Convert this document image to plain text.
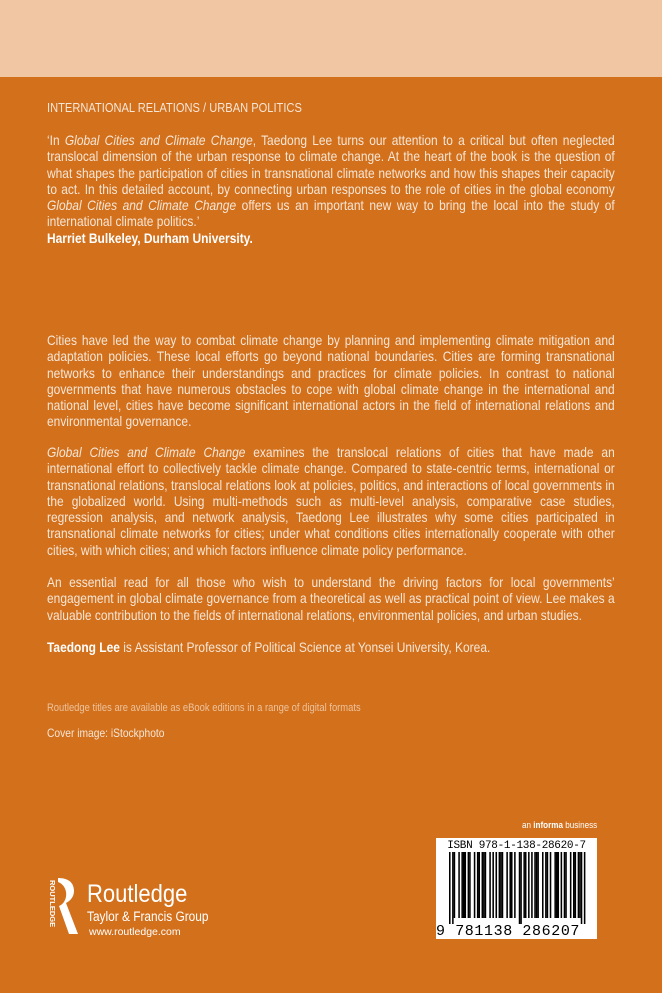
INTERNATIONAL RELATIONS / URBAN POLITICS
‘In Global Cities and Climate Change, Taedong Lee turns our attention to a critical but often neglected translocal dimension of the urban response to climate change. At the heart of the book is the question of what shapes the participation of cities in transnational climate networks and how this shapes their capacity to act. In this detailed account, by connecting urban responses to the role of cities in the global economy Global Cities and Climate Change offers us an important new way to bring the local into the study of international climate politics.’
Harriet Bulkeley, Durham University.
Cities have led the way to combat climate change by planning and implementing climate mitigation and adaptation policies. These local efforts go beyond national boundaries. Cities are forming transnational networks to enhance their understandings and practices for climate policies. In contrast to national governments that have numerous obstacles to cope with global climate change in the international and national level, cities have become significant international actors in the field of international relations and environmental governance.
Global Cities and Climate Change examines the translocal relations of cities that have made an international effort to collectively tackle climate change. Compared to state-centric terms, international or transnational relations, translocal relations look at policies, politics, and interactions of local governments in the globalized world. Using multi-methods such as multi-level analysis, comparative case studies, regression analysis, and network analysis, Taedong Lee illustrates why some cities participated in transnational climate networks for cities; under what conditions cities internationally cooperate with other cities, with which cities; and which factors influence climate policy performance.
An essential read for all those who wish to understand the driving factors for local governments’ engagement in global climate governance from a theoretical as well as practical point of view. Lee makes a valuable contribution to the fields of international relations, environmental policies, and urban studies.
Taedong Lee is Assistant Professor of Political Science at Yonsei University, Korea.
Routledge titles are available as eBook editions in a range of digital formats
Cover image: iStockphoto
an informa business
ISBN 978-1-138-28620-7
9 781138 286207
ROUTLEDGE Routledge
Taylor & Francis Group
www.routledge.com
